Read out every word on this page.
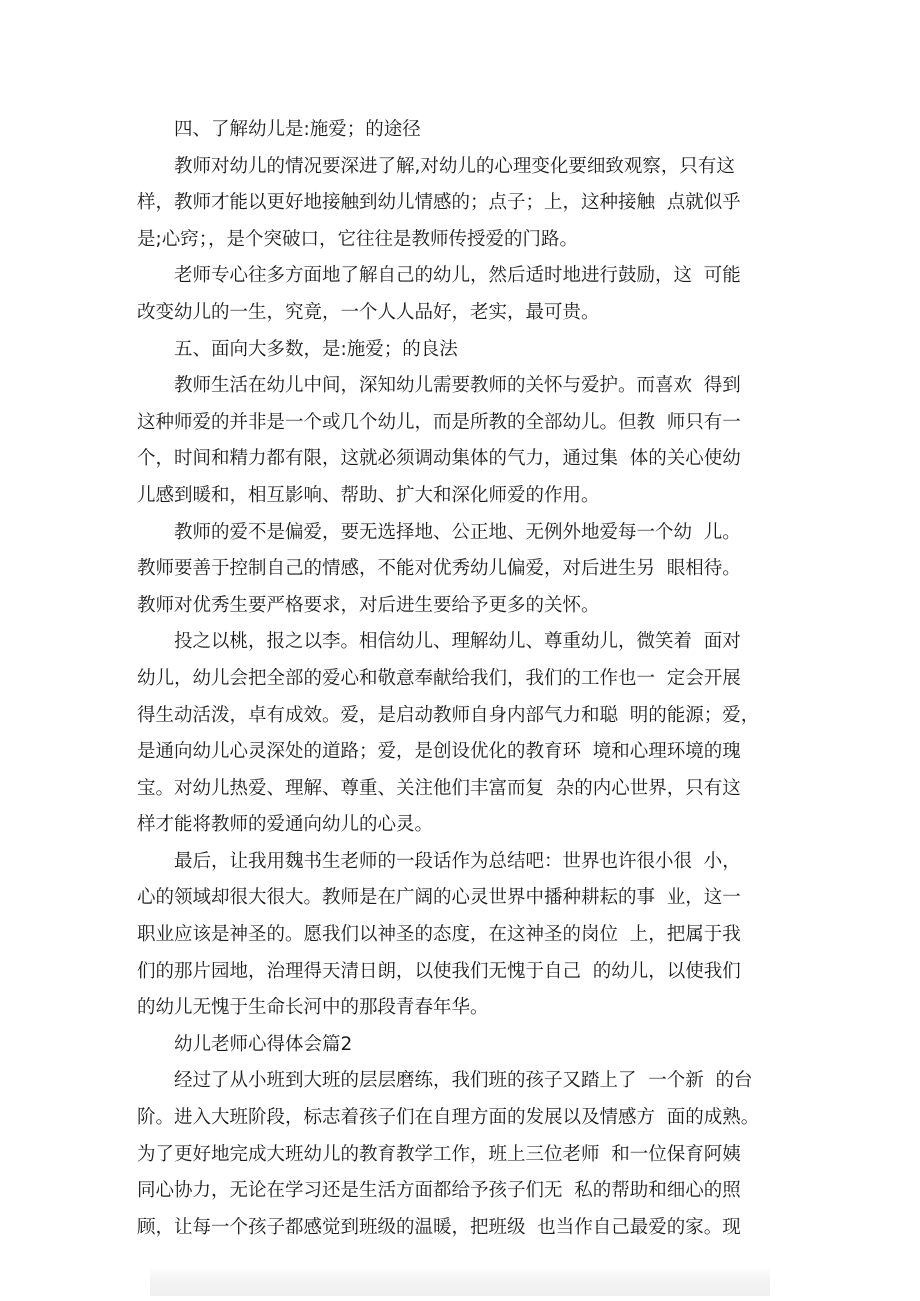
四、了解幼儿是:施爱；的途径
教师对幼儿的情况要深进了解,对幼儿的心理变化要细致观察，只有这
样，教师才能以更好地接触到幼儿情感的；点子；上，这种接触  点就似乎
是;心窍；，是个突破口，它往往是教师传授爱的门路。
老师专心往多方面地了解自己的幼儿，然后适时地进行鼓励，这  可能
改变幼儿的一生，究竟，一个人人品好，老实，最可贵。
五、面向大多数，是:施爱；的良法
教师生活在幼儿中间，深知幼儿需要教师的关怀与爱护。而喜欢  得到
这种师爱的并非是一个或几个幼儿，而是所教的全部幼儿。但教  师只有一
个，时间和精力都有限，这就必须调动集体的气力，通过集  体的关心使幼
儿感到暖和，相互影响、帮助、扩大和深化师爱的作用。
教师的爱不是偏爱，要无选择地、公正地、无例外地爱每一个幼  儿。
教师要善于控制自己的情感，不能对优秀幼儿偏爱，对后进生另  眼相待。
教师对优秀生要严格要求，对后进生要给予更多的关怀。
投之以桃，报之以李。相信幼儿、理解幼儿、尊重幼儿，微笑着  面对
幼儿，幼儿会把全部的爱心和敬意奉献给我们，我们的工作也一  定会开展
得生动活泼，卓有成效。爱，是启动教师自身内部气力和聪  明的能源；爱，
是通向幼儿心灵深处的道路；爱，是创设优化的教育环  境和心理环境的瑰
宝。对幼儿热爱、理解、尊重、关注他们丰富而复  杂的内心世界，只有这
样才能将教师的爱通向幼儿的心灵。
最后，让我用魏书生老师的一段话作为总结吧：世界也许很小很  小，
心的领域却很大很大。教师是在广阔的心灵世界中播种耕耘的事  业，这一
职业应该是神圣的。愿我们以神圣的态度，在这神圣的岗位  上，把属于我
们的那片园地，治理得天清日朗，以使我们无愧于自己  的幼儿，以使我们
的幼儿无愧于生命长河中的那段青春年华。
幼儿老师心得体会篇2
经过了从小班到大班的层层磨练，我们班的孩子又踏上了  一个新  的台
阶。进入大班阶段，标志着孩子们在自理方面的发展以及情感方  面的成熟。
为了更好地完成大班幼儿的教育教学工作，班上三位老师  和一位保育阿姨
同心协力，无论在学习还是生活方面都给予孩子们无  私的帮助和细心的照
顾，让每一个孩子都感觉到班级的温暖，把班级  也当作自己最爱的家。现
